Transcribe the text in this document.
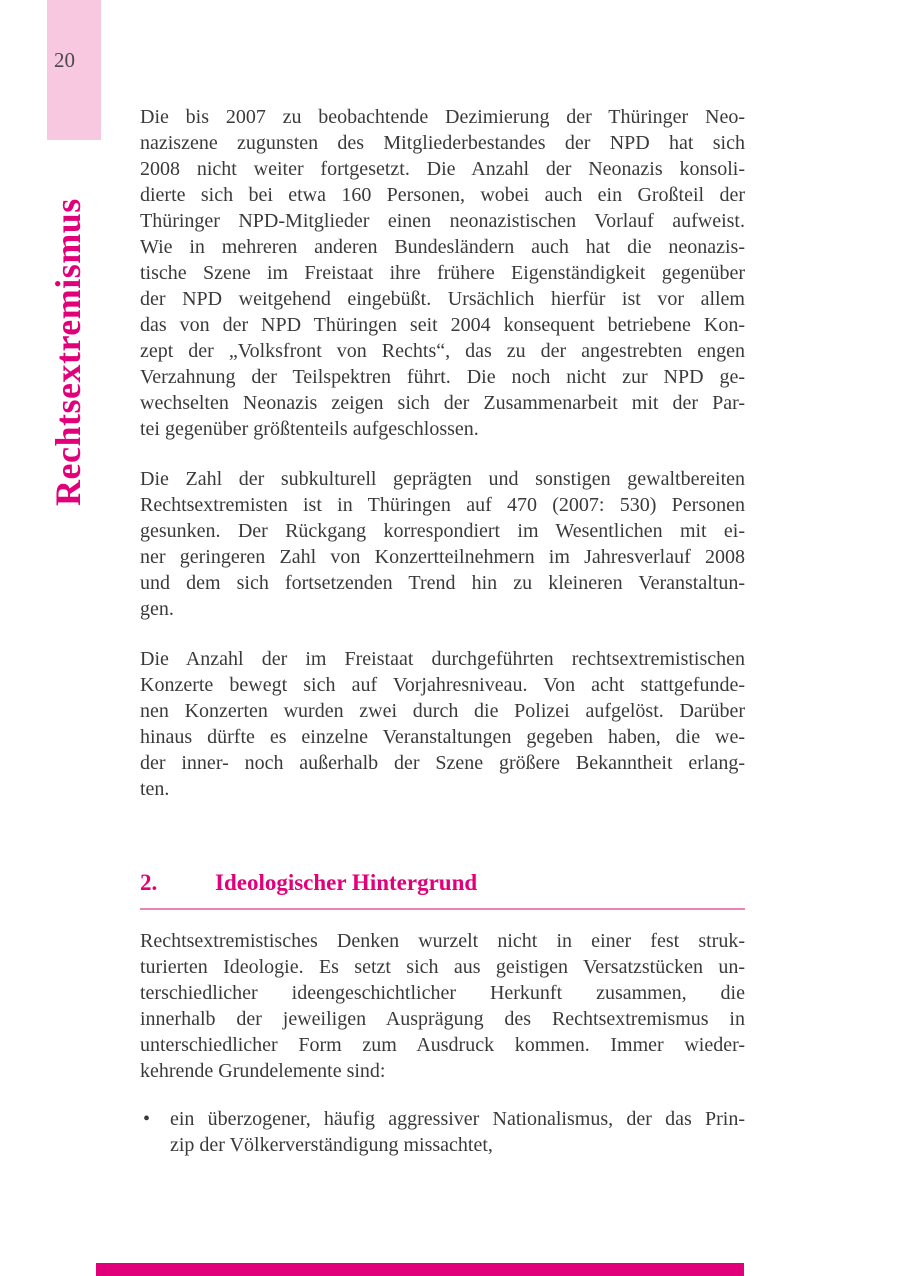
20
Rechtsextremismus
Die bis 2007 zu beobachtende Dezimierung der Thüringer Neo-
naziszene zugunsten des Mitgliederbestandes der NPD hat sich
2008 nicht weiter fortgesetzt. Die Anzahl der Neonazis konsoli-
dierte sich bei etwa 160 Personen, wobei auch ein Großteil der
Thüringer NPD-Mitglieder einen neonazistischen Vorlauf aufweist.
Wie in mehreren anderen Bundesländern auch hat die neonazis-
tische Szene im Freistaat ihre frühere Eigenständigkeit gegenüber
der NPD weitgehend eingebüßt. Ursächlich hierfür ist vor allem
das von der NPD Thüringen seit 2004 konsequent betriebene Kon-
zept der „Volksfront von Rechts“, das zu der angestrebten engen
Verzahnung der Teilspektren führt. Die noch nicht zur NPD ge-
wechselten Neonazis zeigen sich der Zusammenarbeit mit der Par-
tei gegenüber größtenteils aufgeschlossen.
Die Zahl der subkulturell geprägten und sonstigen gewaltbereiten
Rechtsextremisten ist in Thüringen auf 470 (2007: 530) Personen
gesunken. Der Rückgang korrespondiert im Wesentlichen mit ei-
ner geringeren Zahl von Konzertteilnehmern im Jahresverlauf 2008
und dem sich fortsetzenden Trend hin zu kleineren Veranstaltun-
gen.
Die Anzahl der im Freistaat durchgeführten rechtsextremistischen
Konzerte bewegt sich auf Vorjahresniveau. Von acht stattgefunde-
nen Konzerten wurden zwei durch die Polizei aufgelöst. Darüber
hinaus dürfte es einzelne Veranstaltungen gegeben haben, die we-
der inner- noch außerhalb der Szene größere Bekanntheit erlang-
ten.
2.	Ideologischer Hintergrund
Rechtsextremistisches Denken wurzelt nicht in einer fest struk-
turierten Ideologie. Es setzt sich aus geistigen Versatzstücken un-
terschiedlicher ideengeschichtlicher Herkunft zusammen, die
innerhalb der jeweiligen Ausprägung des Rechtsextremismus in
unterschiedlicher Form zum Ausdruck kommen. Immer wieder-
kehrende Grundelemente sind:
• ein überzogener, häufig aggressiver Nationalismus, der das Prin-
zip der Völkerverständigung missachtet,
